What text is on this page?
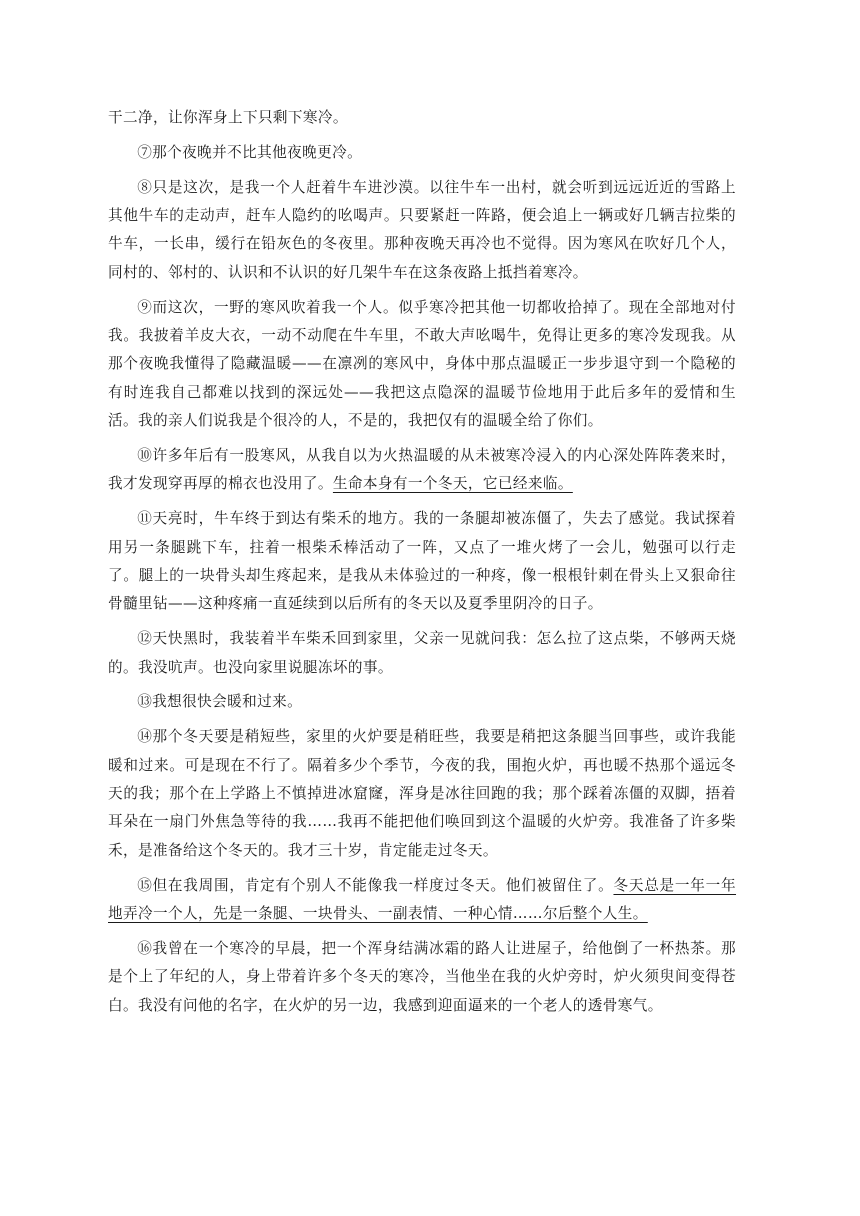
干二净，让你浑身上下只剩下寒冷。

⑦那个夜晚并不比其他夜晚更冷。

⑧只是这次，是我一个人赶着牛车进沙漠。以往牛车一出村，就会听到远远近近的雪路上其他牛车的走动声，赶车人隐约的吆喝声。只要紧赶一阵路，便会追上一辆或好几辆吉拉柴的牛车，一长串，缓行在铅灰色的冬夜里。那种夜晚天再冷也不觉得。因为寒风在吹好几个人，同村的、邻村的、认识和不认识的好几架牛车在这条夜路上抵挡着寒冷。

⑨而这次，一野的寒风吹着我一个人。似乎寒冷把其他一切都收拾掉了。现在全部地对付我。我披着羊皮大衣，一动不动爬在牛车里，不敢大声吆喝牛，免得让更多的寒冷发现我。从那个夜晚我懂得了隐藏温暖——在凛冽的寒风中，身体中那点温暖正一步步退守到一个隐秘的有时连我自己都难以找到的深远处——我把这点隐深的温暖节俭地用于此后多年的爱情和生活。我的亲人们说我是个很冷的人，不是的，我把仅有的温暖全给了你们。

⑩许多年后有一股寒风，从我自以为火热温暖的从未被寒冷浸入的内心深处阵阵袭来时，我才发现穿再厚的棉衣也没用了。生命本身有一个冬天，它已经来临。

⑪天亮时，牛车终于到达有柴禾的地方。我的一条腿却被冻僵了，失去了感觉。我试探着用另一条腿跳下车，拄着一根柴禾棒活动了一阵，又点了一堆火烤了一会儿，勉强可以行走了。腿上的一块骨头却生疼起来，是我从未体验过的一种疼，像一根根针刺在骨头上又狠命往骨髓里钻——这种疼痛一直延续到以后所有的冬天以及夏季里阴冷的日子。

⑫天快黑时，我装着半车柴禾回到家里，父亲一见就问我：怎么拉了这点柴，不够两天烧的。我没吭声。也没向家里说腿冻坏的事。

⑬我想很快会暖和过来。

⑭那个冬天要是稍短些，家里的火炉要是稍旺些，我要是稍把这条腿当回事些，或许我能暖和过来。可是现在不行了。隔着多少个季节，今夜的我，围抱火炉，再也暖不热那个遥远冬天的我；那个在上学路上不慎掉进冰窟窿，浑身是冰往回跑的我；那个踩着冻僵的双脚，捂着耳朵在一扇门外焦急等待的我……我再不能把他们唤回到这个温暖的火炉旁。我准备了许多柴禾，是准备给这个冬天的。我才三十岁，肯定能走过冬天。

⑮但在我周围，肯定有个别人不能像我一样度过冬天。他们被留住了。冬天总是一年一年地弄冷一个人，先是一条腿、一块骨头、一副表情、一种心情……尔后整个人生。

⑯我曾在一个寒冷的早晨，把一个浑身结满冰霜的路人让进屋子，给他倒了一杯热茶。那是个上了年纪的人，身上带着许多个冬天的寒冷，当他坐在我的火炉旁时，炉火须臾间变得苍白。我没有问他的名字，在火炉的另一边，我感到迎面逼来的一个老人的透骨寒气。
